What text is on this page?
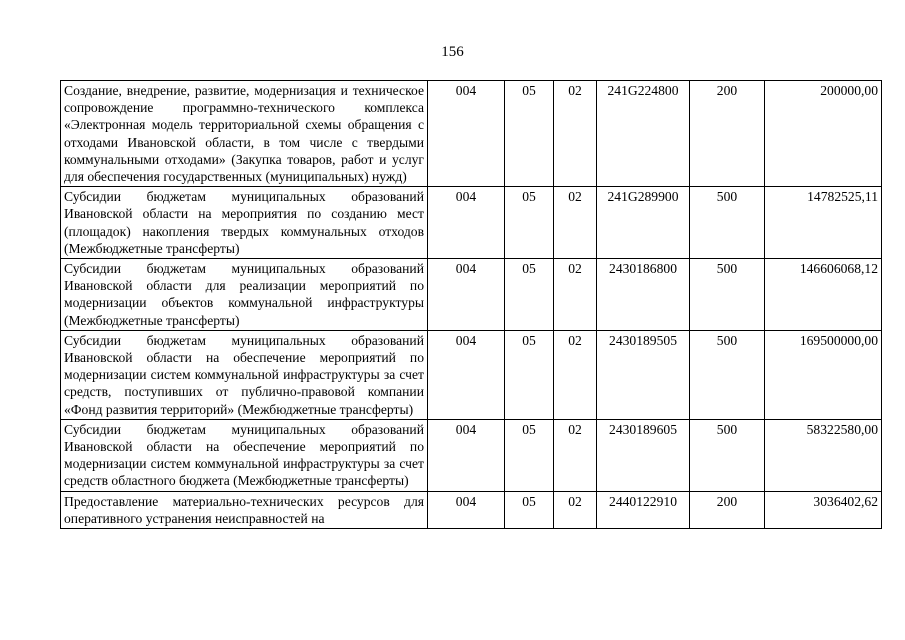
156
Создание, внедрение, развитие, модернизация и техническое сопровождение программно-технического комплекса «Электронная модель территориальной схемы обращения с отходами Ивановской области, в том числе с твердыми коммунальными отходами» (Закупка товаров, работ и услуг для обеспечения государственных (муниципальных) нужд)	004	05	02	241G224800	200	200000,00
Субсидии бюджетам муниципальных образований Ивановской области на мероприятия по созданию мест (площадок) накопления твердых коммунальных отходов (Межбюджетные трансферты)	004	05	02	241G289900	500	14782525,11
Субсидии бюджетам муниципальных образований Ивановской области для реализации мероприятий по модернизации объектов коммунальной инфраструктуры (Межбюджетные трансферты)	004	05	02	2430186800	500	146606068,12
Субсидии бюджетам муниципальных образований Ивановской области на обеспечение мероприятий по модернизации систем коммунальной инфраструктуры за счет средств, поступивших от публично-правовой компании «Фонд развития территорий» (Межбюджетные трансферты)	004	05	02	2430189505	500	169500000,00
Субсидии бюджетам муниципальных образований Ивановской области на обеспечение мероприятий по модернизации систем коммунальной инфраструктуры за счет средств областного бюджета (Межбюджетные трансферты)	004	05	02	2430189605	500	58322580,00
Предоставление материально-технических ресурсов для оперативного устранения неисправностей на	004	05	02	2440122910	200	3036402,62
